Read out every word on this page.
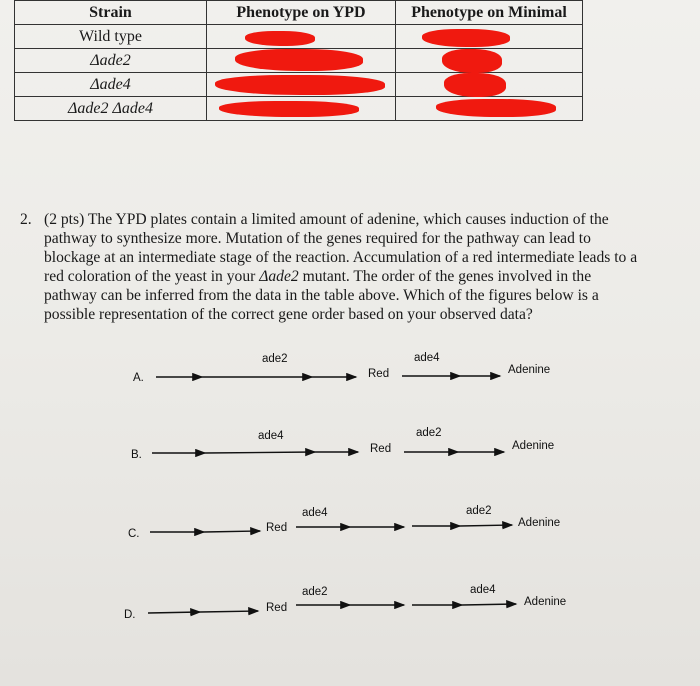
Strain	Phenotype on YPD	Phenotype on Minimal
Wild type	

Δade2	

Δade4	

Δade2 Δade4	

2. (2 pts) The YPD plates contain a limited amount of adenine, which causes induction of the pathway to synthesize more. Mutation of the genes required for the pathway can lead to blockage at an intermediate stage of the reaction. Accumulation of a red intermediate leads to a red coloration of the yeast in your Δade2 mutant. The order of the genes involved in the pathway can be inferred from the data in the table above. Which of the figures below is a possible representation of the correct gene order based on your observed data?
A.
ade2
Red
ade4
Adenine
B.
ade4
Red
ade2
Adenine
C.	Red
ade4	ade2
Adenine
D.
Red
ade2	ade4
Adenine
